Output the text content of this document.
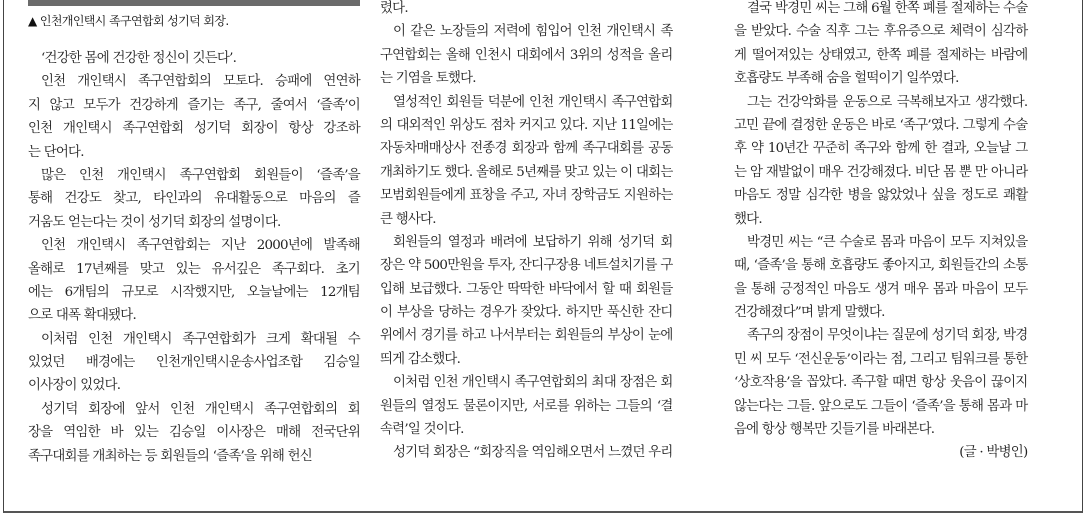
▲ 인천개인택시 족구연합회 성기덕 회장.

‘건강한 몸에 건강한 정신이 깃든다’.

인천 개인택시 족구연합회의 모토다. 승패에 연연하
지 않고 모두가 건강하게 즐기는 족구, 줄여서 ‘즐족’이
인천 개인택시 족구연합회 성기덕 회장이 항상 강조하
는 단어다.

많은 인천 개인택시 족구연합회 회원들이 ‘즐족’을
통해 건강도 찾고, 타인과의 유대활동으로 마음의 즐
거움도 얻는다는 것이 성기덕 회장의 설명이다.

인천 개인택시 족구연합회는 지난 2000년에 발족해
올해로 17년째를 맞고 있는 유서깊은 족구회다. 초기
에는 6개팀의 규모로 시작했지만, 오늘날에는 12개팀
으로 대폭 확대됐다.

이처럼 인천 개인택시 족구연합회가 크게 확대될 수
있었던 배경에는 인천개인택시운송사업조합 김승일
이사장이 있었다.

성기덕 회장에 앞서 인천 개인택시 족구연합회의 회
장을 역임한 바 있는 김승일 이사장은 매해 전국단위
족구대회를 개최하는 등 회원들의 ‘즐족’을 위해 헌신

렸다.

이 같은 노장들의 저력에 힘입어 인천 개인택시 족
구연합회는 올해 인천시 대회에서 3위의 성적을 올리
는 기염을 토했다.

열성적인 회원들 덕분에 인천 개인택시 족구연합회
의 대외적인 위상도 점차 커지고 있다. 지난 11일에는
자동차매매상사 전종경 회장과 함께 족구대회를 공동
개최하기도 했다. 올해로 5년째를 맞고 있는 이 대회는
모범회원들에게 표창을 주고, 자녀 장학금도 지원하는
큰 행사다.

회원들의 열정과 배려에 보답하기 위해 성기덕 회
장은 약 500만원을 투자, 잔디구장용 네트설치기를 구
입해 보급했다. 그동안 딱딱한 바닥에서 할 때 회원들
이 부상을 당하는 경우가 잦았다. 하지만 푹신한 잔디
위에서 경기를 하고 나서부터는 회원들의 부상이 눈에
띄게 감소했다.

이처럼 인천 개인택시 족구연합회의 최대 장점은 회
원들의 열정도 물론이지만, 서로를 위하는 그들의 ‘결
속력’일 것이다.

성기덕 회장은 “회장직을 역임해오면서 느꼈던 우리

결국 박경민 씨는 그해 6월 한쪽 폐를 절제하는 수술
을 받았다. 수술 직후 그는 후유증으로 체력이 심각하
게 떨어져있는 상태였고, 한쪽 폐를 절제하는 바람에
호흡량도 부족해 숨을 헐떡이기 일쑤였다.

그는 건강악화를 운동으로 극복해보자고 생각했다.
고민 끝에 결정한 운동은 바로 ‘족구’였다. 그렇게 수술
후 약 10년간 꾸준히 족구와 함께 한 결과, 오늘날 그
는 암 재발없이 매우 건강해졌다. 비단 몸 뿐 만 아니라
마음도 정말 심각한 병을 앓았었나 싶을 정도로 쾌활
했다.

박경민 씨는 “큰 수술로 몸과 마음이 모두 지쳐있을
때, ‘즐족’을 통해 호흡량도 좋아지고, 회원들간의 소통
을 통해 긍정적인 마음도 생겨 매우 몸과 마음이 모두
건강해졌다”며 밝게 말했다.

족구의 장점이 무엇이냐는 질문에 성기덕 회장, 박경
민 씨 모두 ‘전신운동’이라는 점, 그리고 팀워크를 통한
‘상호작용’을 꼽았다. 족구할 때면 항상 웃음이 끊이지
않는다는 그들. 앞으로도 그들이 ‘즐족’을 통해 몸과 마
음에 항상 행복만 깃들기를 바래본다.

(글 · 박병인)
